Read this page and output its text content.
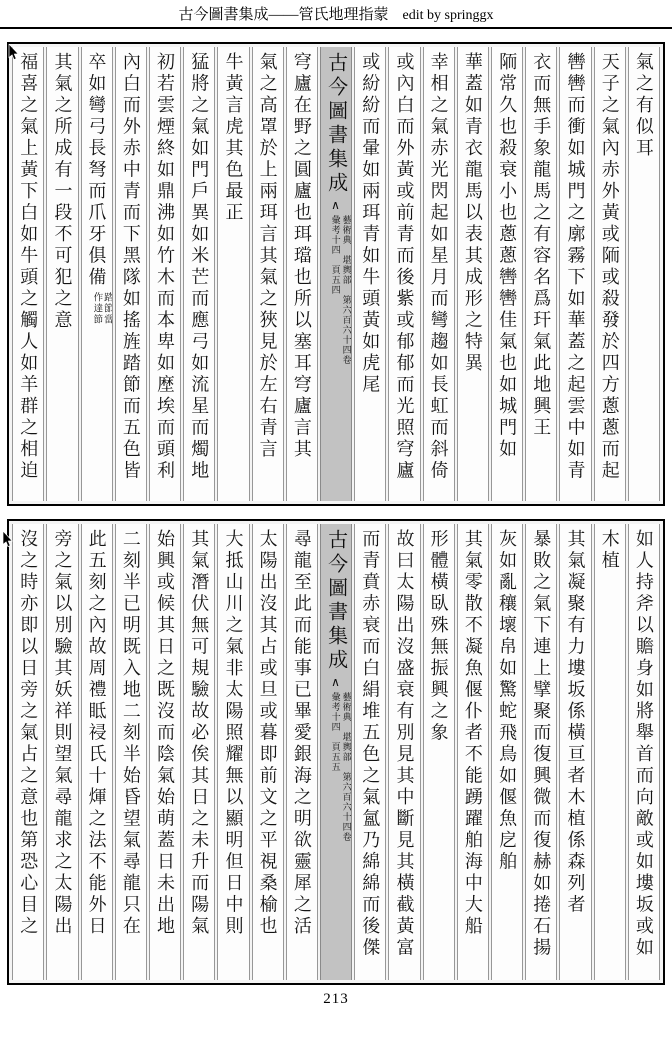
古今圖書集成——管氏地理指蒙 edit by springgx
氣之有似耳
天子之氣內赤外黃或陑或殺發於四方蔥蔥而起
轡轡而衝如城門之廓霧下如華蓋之起雲中如青
衣而無手象龍馬之有容名爲玕氣此地興王
陑常久也殺衰小也蔥蔥轡轡佳氣也如城門如
華蓋如青衣龍馬以表其成形之特異
幸相之氣赤光閃起如星月而彎趨如長虹而斜倚
或內白而外黃或前青而後紫或郁郁而光照穹廬
或紛紛而暈如兩珥青如牛頭黃如虎尾
古今圖書集成∧
藝術典　堪輿部　第六百六十四卷
彙考十四　頁五四
穹廬在野之圓廬也珥璫也所以塞耳穹廬言其
氣之高罩於上兩珥言其氣之狹見於左右青言
牛黃言虎其色最正
猛將之氣如門戶異如米芒而應弓如流星而燭地
初若雲煙終如鼎沸如竹木而本卑如塺埃而頭利
內白而外赤中青而下黑隊如搖旌踏節而五色皆
卒如彎弓長弩而爪牙俱備
踏節當
作達節
其氣之所成有一段不可犯之意
福喜之氣上黃下白如牛頭之觸人如羊群之相迫
如人持斧以贍身如將舉首而向敵或如塿坂或如
木植
其氣凝聚有力塿坂係橫亘者木植係森列者
暴敗之氣下連上擘聚而復興微而復赫如捲石揚
灰如亂穰壞帛如驚蛇飛鳥如偃魚戹舶
其氣零散不凝魚偃仆者不能踴躍舶海中大船
形體橫臥殊無振興之象
故曰太陽出沒盛衰有別見其中斷見其橫截黃富
而青賁赤衰而白絹堆五色之氣氳乃綿綿而後傑
古今圖書集成∧
藝術典　堪輿部　第六百六十四卷
彙考十四　頁五五
尋龍至此而能事已畢愛銀海之明欲靈犀之活
太陽出沒其占或旦或暮即前文之平視桑榆也
大抵山川之氣非太陽照耀無以顯明但日中則
其氣潛伏無可規驗故必俟其日之未升而陽氣
始興或候其日之既沒而陰氣始萌蓋日未出地
二刻半已明既入地二刻半始昏望氣尋龍只在
此五刻之內故周禮眡祲氏十煇之法不能外日
旁之氣以別驗其妖祥則望氣尋龍求之太陽出
沒之時亦即以日旁之氣占之意也第恐心目之
213
